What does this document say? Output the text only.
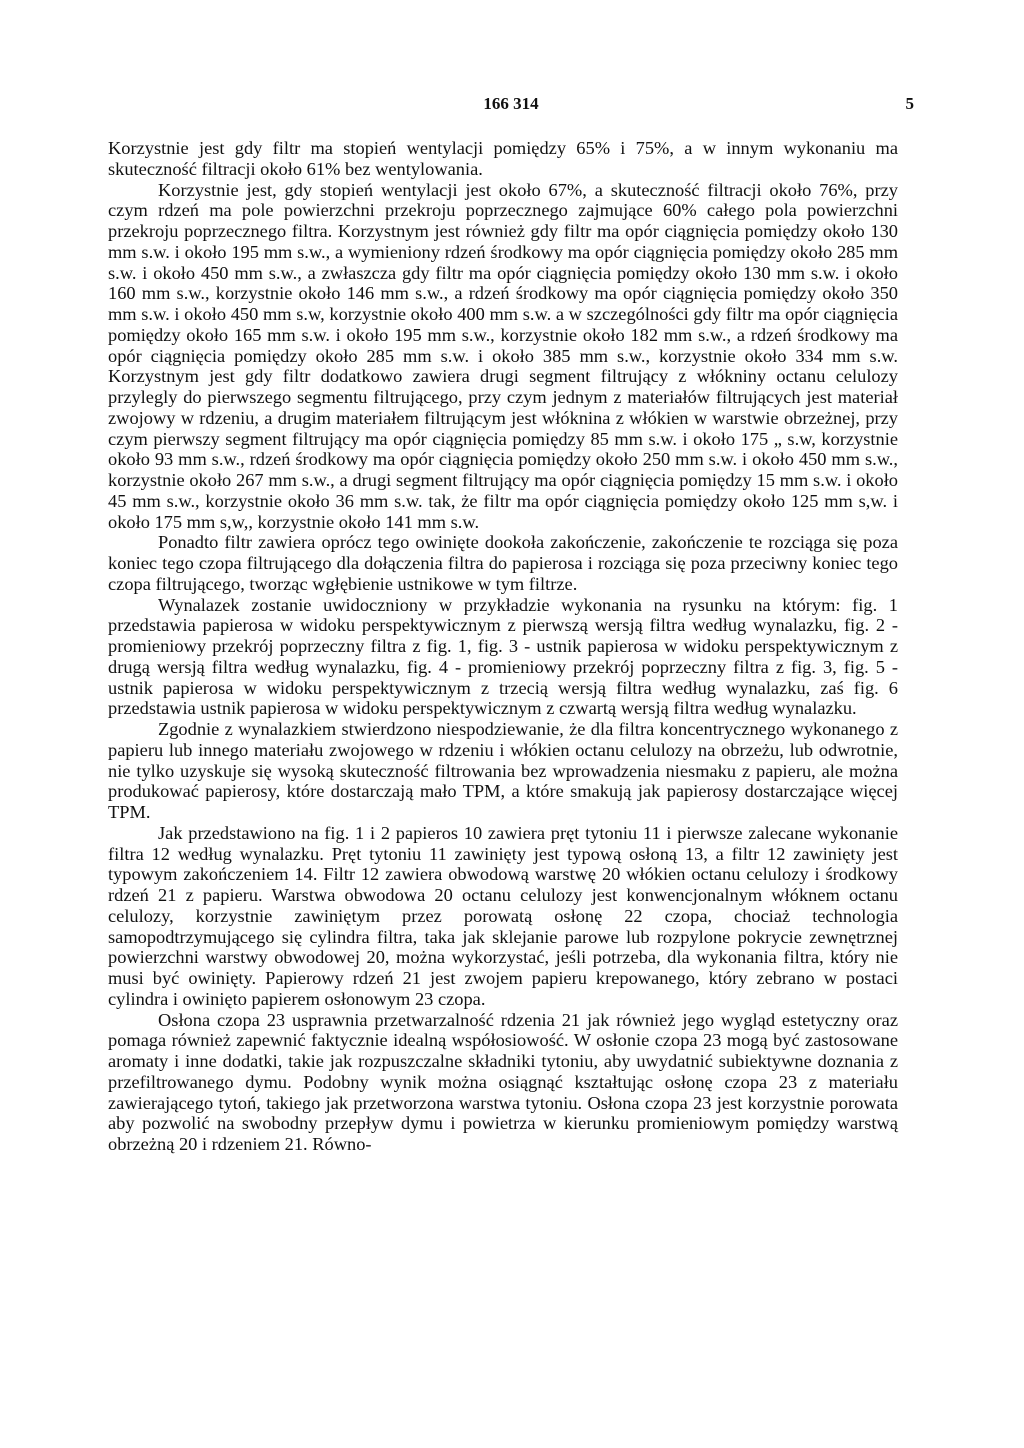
166 314	5

Korzystnie jest gdy filtr ma stopień wentylacji pomiędzy 65% i 75%, a w innym wykonaniu ma skuteczność filtracji około 61% bez wentylowania.

Korzystnie jest, gdy stopień wentylacji jest około 67%, a skuteczność filtracji około 76%, przy czym rdzeń ma pole powierzchni przekroju poprzecznego zajmujące 60% całego pola powierzchni przekroju poprzecznego filtra. Korzystnym jest również gdy filtr ma opór ciągnięcia pomiędzy około 130 mm s.w. i około 195 mm s.w., a wymieniony rdzeń środkowy ma opór ciągnięcia pomiędzy około 285 mm s.w. i około 450 mm s.w., a zwłaszcza gdy filtr ma opór ciągnięcia pomiędzy około 130 mm s.w. i około 160 mm s.w., korzystnie około 146 mm s.w., a rdzeń środkowy ma opór ciągnięcia pomiędzy około 350 mm s.w. i około 450 mm s.w, korzystnie około 400 mm s.w. a w szczególności gdy filtr ma opór ciągnięcia pomiędzy około 165 mm s.w. i około 195 mm s.w., korzystnie około 182 mm s.w., a rdzeń środkowy ma opór ciągnięcia pomiędzy około 285 mm s.w. i około 385 mm s.w., korzystnie około 334 mm s.w. Korzystnym jest gdy filtr dodatkowo zawiera drugi segment filtrujący z włókniny octanu celulozy przylegly do pierwszego segmentu filtrującego, przy czym jednym z materiałów filtrujących jest materiał zwojowy w rdzeniu, a drugim materiałem filtrującym jest włóknina z włókien w warstwie obrzeżnej, przy czym pierwszy segment filtrujący ma opór ciągnięcia pomiędzy 85 mm s.w. i około 175 „ s.w, korzystnie około 93 mm s.w., rdzeń środkowy ma opór ciągnięcia pomiędzy około 250 mm s.w. i około 450 mm s.w., korzystnie około 267 mm s.w., a drugi segment filtrujący ma opór ciągnięcia pomiędzy 15 mm s.w. i około 45 mm s.w., korzystnie około 36 mm s.w. tak, że filtr ma opór ciągnięcia pomiędzy około 125 mm s,w. i około 175 mm s,w,, korzystnie około 141 mm s.w.

Ponadto filtr zawiera oprócz tego owinięte dookoła zakończenie, zakończenie te rozciąga się poza koniec tego czopa filtrującego dla dołączenia filtra do papierosa i rozciąga się poza przeciwny koniec tego czopa filtrującego, tworząc wgłębienie ustnikowe w tym filtrze.

Wynalazek zostanie uwidoczniony w przykładzie wykonania na rysunku na którym: fig. 1 przedstawia papierosa w widoku perspektywicznym z pierwszą wersją filtra według wynalazku, fig. 2 - promieniowy przekrój poprzeczny filtra z fig. 1, fig. 3 - ustnik papierosa w widoku perspektywicznym z drugą wersją filtra według wynalazku, fig. 4 - promieniowy przekrój poprzeczny filtra z fig. 3, fig. 5 - ustnik papierosa w widoku perspektywicznym z trzecią wersją filtra według wynalazku, zaś fig. 6 przedstawia ustnik papierosa w widoku perspektywicznym z czwartą wersją filtra według wynalazku.

Zgodnie z wynalazkiem stwierdzono niespodziewanie, że dla filtra koncentrycznego wykonanego z papieru lub innego materiału zwojowego w rdzeniu i włókien octanu celulozy na obrzeżu, lub odwrotnie, nie tylko uzyskuje się wysoką skuteczność filtrowania bez wprowadzenia niesmaku z papieru, ale można produkować papierosy, które dostarczają mało TPM, a które smakują jak papierosy dostarczające więcej TPM.

Jak przedstawiono na fig. 1 i 2 papieros 10 zawiera pręt tytoniu 11 i pierwsze zalecane wykonanie filtra 12 według wynalazku. Pręt tytoniu 11 zawinięty jest typową osłoną 13, a filtr 12 zawinięty jest typowym zakończeniem 14. Filtr 12 zawiera obwodową warstwę 20 włókien octanu celulozy i środkowy rdzeń 21 z papieru. Warstwa obwodowa 20 octanu celulozy jest konwencjonalnym włóknem octanu celulozy, korzystnie zawiniętym przez porowatą osłonę 22 czopa, chociaż technologia samopodtrzymującego się cylindra filtra, taka jak sklejanie parowe lub rozpylone pokrycie zewnętrznej powierzchni warstwy obwodowej 20, można wykorzystać, jeśli potrzeba, dla wykonania filtra, który nie musi być owinięty. Papierowy rdzeń 21 jest zwojem papieru krepowanego, który zebrano w postaci cylindra i owinięto papierem osłonowym 23 czopa.

Osłona czopa 23 usprawnia przetwarzalność rdzenia 21 jak również jego wygląd estetyczny oraz pomaga również zapewnić faktycznie idealną współosiowość. W osłonie czopa 23 mogą być zastosowane aromaty i inne dodatki, takie jak rozpuszczalne składniki tytoniu, aby uwydatnić subiektywne doznania z przefiltrowanego dymu. Podobny wynik można osiągnąć kształtując osłonę czopa 23 z materiału zawierającego tytoń, takiego jak przetworzona warstwa tytoniu. Osłona czopa 23 jest korzystnie porowata aby pozwolić na swobodny przepływ dymu i powietrza w kierunku promieniowym pomiędzy warstwą obrzeżną 20 i rdzeniem 21. Równo-
